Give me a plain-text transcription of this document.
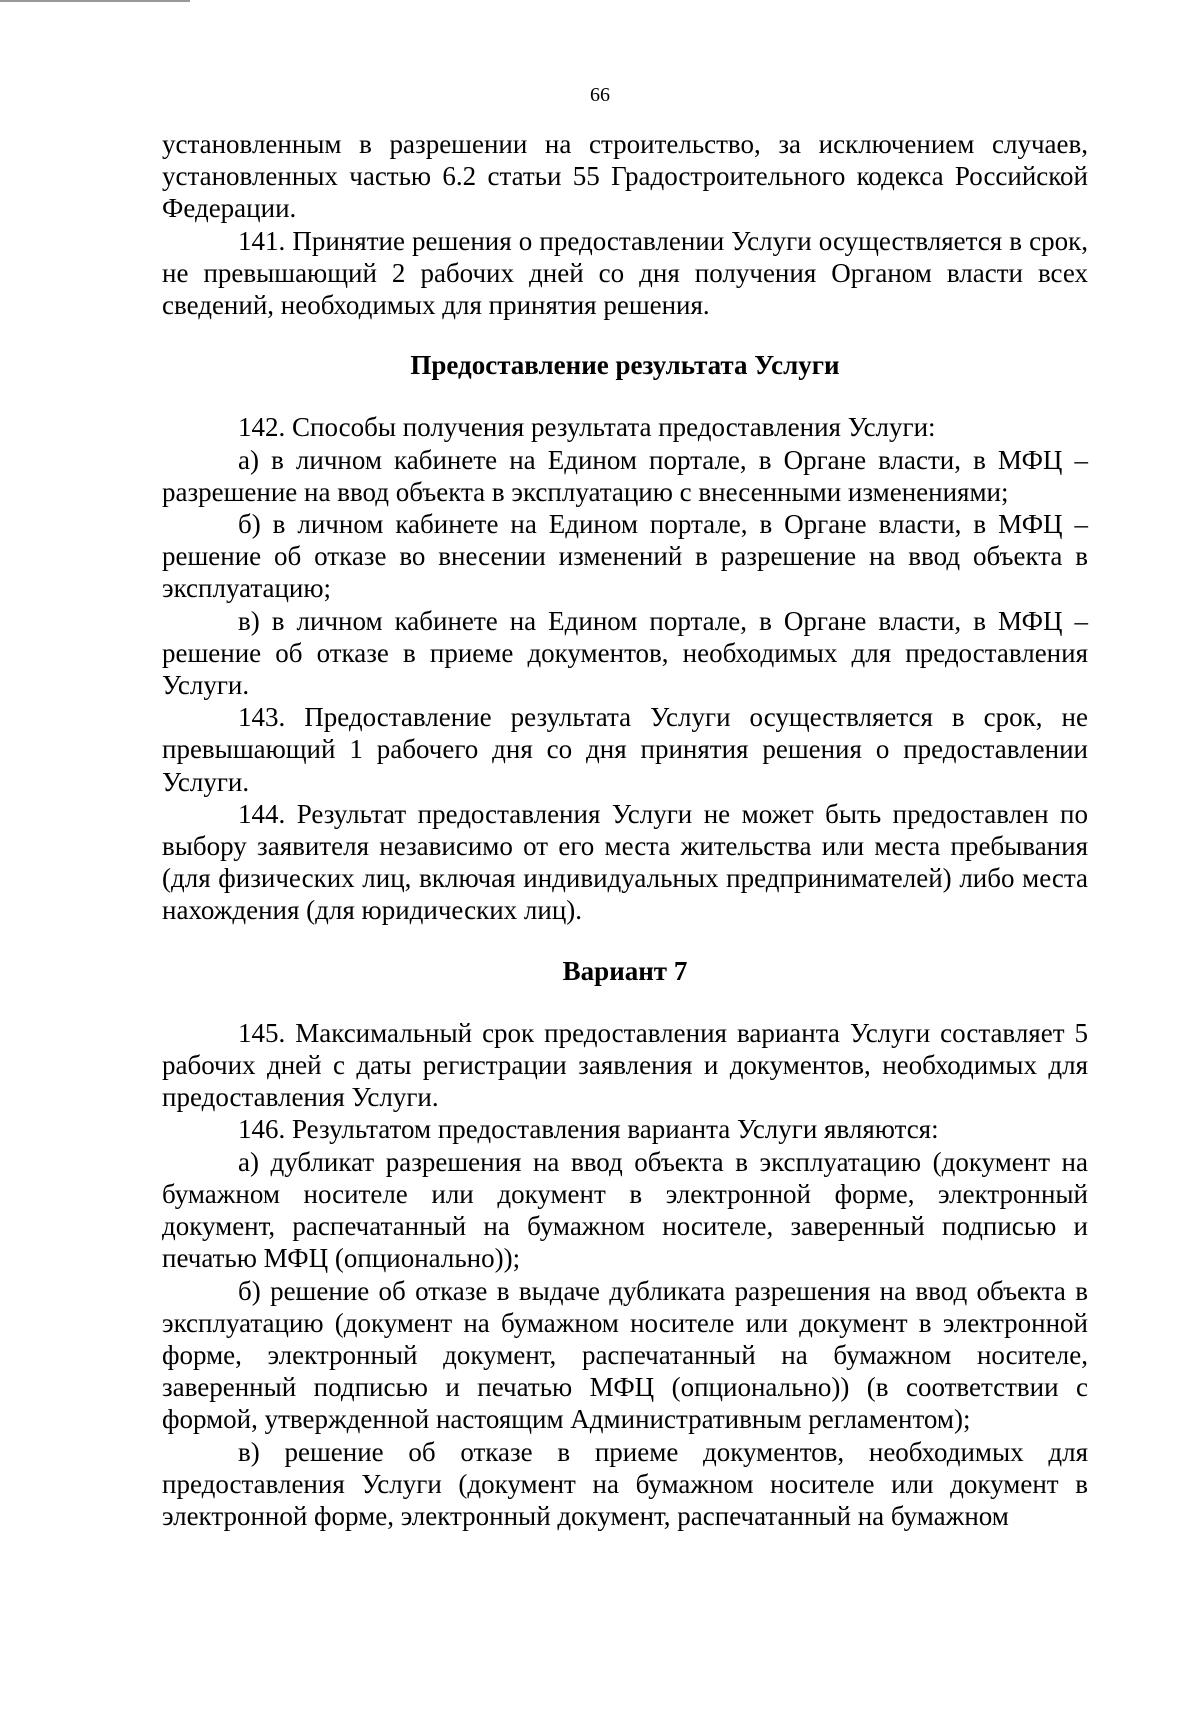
66

установленным в разрешении на строительство, за исключением случаев, установленных частью 6.2 статьи 55 Градостроительного кодекса Российской Федерации.

141. Принятие решения о предоставлении Услуги осуществляется в срок, не превышающий 2 рабочих дней со дня получения Органом власти всех сведений, необходимых для принятия решения.

Предоставление результата Услуги

142. Способы получения результата предоставления Услуги:

а) в личном кабинете на Едином портале, в Органе власти, в МФЦ – разрешение на ввод объекта в эксплуатацию с внесенными изменениями;

б) в личном кабинете на Едином портале, в Органе власти, в МФЦ – решение об отказе во внесении изменений в разрешение на ввод объекта в эксплуатацию;

в) в личном кабинете на Едином портале, в Органе власти, в МФЦ – решение об отказе в приеме документов, необходимых для предоставления Услуги.

143. Предоставление результата Услуги осуществляется в срок, не превышающий 1 рабочего дня со дня принятия решения о предоставлении Услуги.

144. Результат предоставления Услуги не может быть предоставлен по выбору заявителя независимо от его места жительства или места пребывания (для физических лиц, включая индивидуальных предпринимателей) либо места нахождения (для юридических лиц).

Вариант 7

145. Максимальный срок предоставления варианта Услуги составляет 5 рабочих дней с даты регистрации заявления и документов, необходимых для предоставления Услуги.

146. Результатом предоставления варианта Услуги являются:

а) дубликат разрешения на ввод объекта в эксплуатацию (документ на бумажном носителе или документ в электронной форме, электронный документ, распечатанный на бумажном носителе, заверенный подписью и печатью МФЦ (опционально));

б) решение об отказе в выдаче дубликата разрешения на ввод объекта в эксплуатацию (документ на бумажном носителе или документ в электронной форме, электронный документ, распечатанный на бумажном носителе, заверенный подписью и печатью МФЦ (опционально)) (в соответствии с формой, утвержденной настоящим Административным регламентом);

в) решение об отказе в приеме документов, необходимых для предоставления Услуги (документ на бумажном носителе или документ в электронной форме, электронный документ, распечатанный на бумажном
